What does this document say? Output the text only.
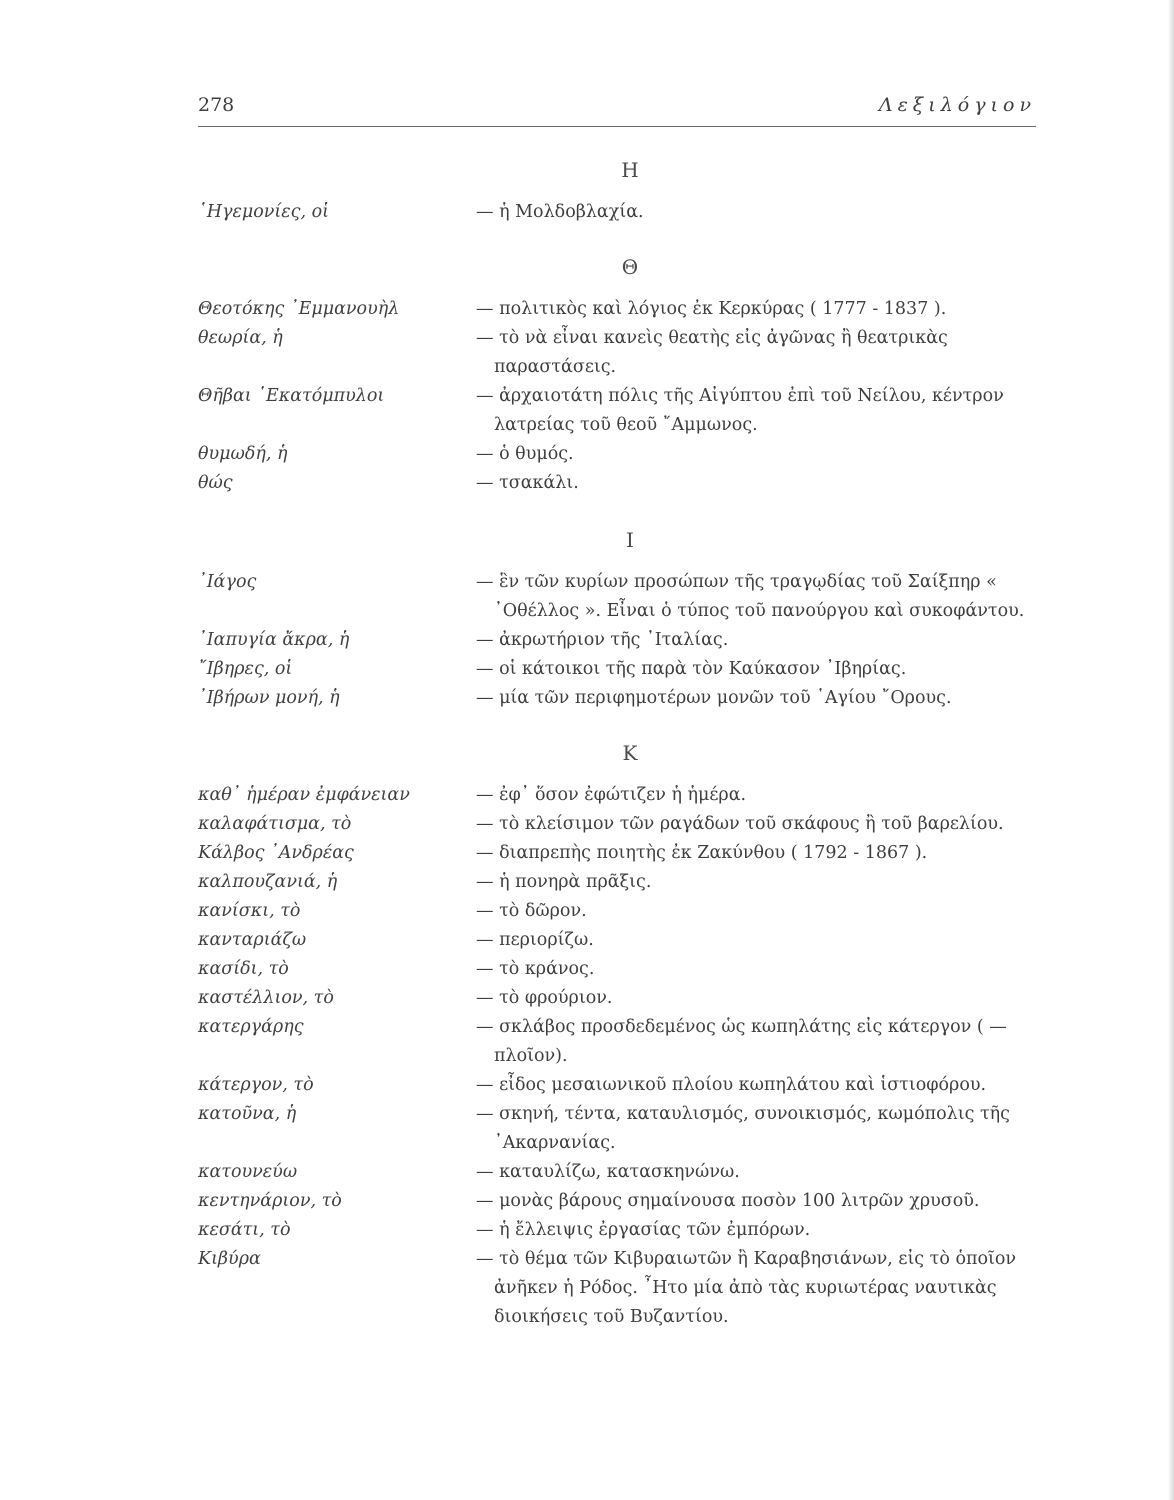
278	Λεξιλόγιον
Η
῾Ηγεμονίες, οἱ	— ἡ Μολδοβλαχία.
Θ
Θεοτόκης ᾿Εμμανουὴλ	— πολιτικὸς καὶ λόγιος ἐκ Κερκύρας ( 1777 - 1837 ).
θεωρία, ἡ	— τὸ νὰ εἶναι κανεὶς θεατὴς εἰς ἀγῶνας ἢ θεατρικὰς παραστάσεις.
Θῆβαι ῾Εκατόμπυλοι	— ἀρχαιοτάτη πόλις τῆς Αἰγύπτου ἐπὶ τοῦ Νείλου, κέντρον λατρείας τοῦ θεοῦ ῎Αμμωνος.
θυμωδή, ἡ	— ὁ θυμός.
θώς	— τσακάλι.
Ι
᾿Ιάγος	— ἓν τῶν κυρίων προσώπων τῆς τραγῳδίας τοῦ Σαίξπηρ « ᾿Οθέλλος ». Εἶναι ὁ τύπος τοῦ πανούργου καὶ συκοφάντου.
᾿Ιαπυγία ἄκρα, ἡ	— ἀκρωτήριον τῆς ᾿Ιταλίας.
῎Ιβηρες, οἱ	— οἱ κάτοικοι τῆς παρὰ τὸν Καύκασον ᾿Ιβηρίας.
᾿Ιβήρων μονή, ἡ	— μία τῶν περιφημοτέρων μονῶν τοῦ ῾Αγίου ῎Ορους.
Κ
καθ᾿ ἡμέραν ἐμφάνειαν	— ἐφ᾿ ὅσον ἐφώτιζεν ἡ ἡμέρα.
καλαφάτισμα, τὸ	— τὸ κλείσιμον τῶν ραγάδων τοῦ σκάφους ἢ τοῦ βαρελίου.
Κάλβος ᾿Ανδρέας	— διαπρεπὴς ποιητὴς ἐκ Ζακύνθου ( 1792 - 1867 ).
καλπουζανιά, ἡ	— ἡ πονηρὰ πρᾶξις.
κανίσκι, τὸ	— τὸ δῶρον.
κανταριάζω	— περιορίζω.
κασίδι, τὸ	— τὸ κράνος.
καστέλλιον, τὸ	— τὸ φρούριον.
κατεργάρης	— σκλάβος προσδεδεμένος ὡς κωπηλάτης εἰς κάτεργον ( — πλοῖον).
κάτεργον, τὸ	— εἶδος μεσαιωνικοῦ πλοίου κωπηλάτου καὶ ἱστιοφόρου.
κατοῦνα, ἡ	— σκηνή, τέντα, καταυλισμός, συνοικισμός, κωμόπολις τῆς ᾿Ακαρνανίας.
κατουνεύω	— καταυλίζω, κατασκηνώνω.
κεντηνάριον, τὸ	— μονὰς βάρους σημαίνουσα ποσὸν 100 λιτρῶν χρυσοῦ.
κεσάτι, τὸ	— ἡ ἔλλειψις ἐργασίας τῶν ἐμπόρων.
Κιβύρα	— τὸ θέμα τῶν Κιβυραιωτῶν ἢ Καραβησιάνων, εἰς τὸ ὁποῖον ἀνῆκεν ἡ Ρόδος. ῏Ητο μία ἀπὸ τὰς κυριωτέρας ναυτικὰς διοικήσεις τοῦ Βυζαντίου.
